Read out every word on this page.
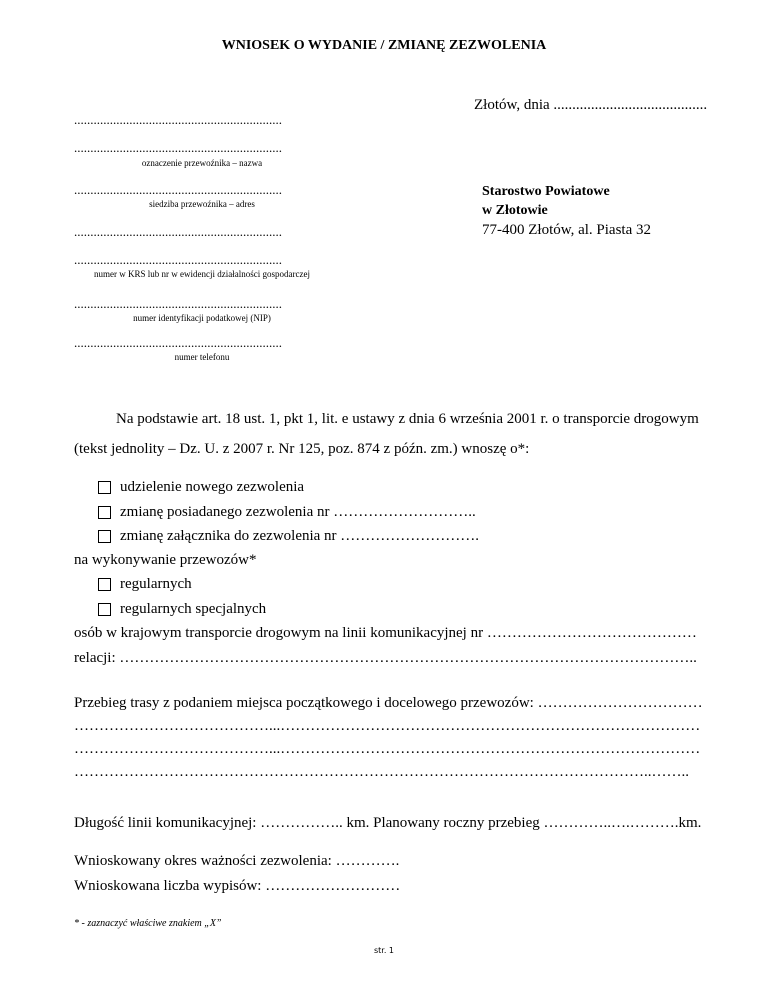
WNIOSEK O WYDANIE / ZMIANĘ ZEZWOLENIA
Złotów, dnia .........................................
................................................................
................................................................
oznaczenie przewoźnika – nazwa
................................................................
siedziba przewoźnika – adres
................................................................
................................................................
numer w KRS lub nr w ewidencji działalności gospodarczej
................................................................
numer identyfikacji podatkowej (NIP)
................................................................
numer telefonu
Starostwo Powiatowe
w Złotowie
77-400 Złotów, al. Piasta 32
Na podstawie art. 18 ust. 1, pkt 1, lit. e ustawy z dnia 6 września 2001 r. o transporcie drogowym
(tekst jednolity – Dz. U. z 2007 r. Nr 125, poz. 874 z późn. zm.) wnoszę o*:
udzielenie nowego zezwolenia
zmianę posiadanego zezwolenia nr ………………………..
zmianę załącznika do zezwolenia nr ……………………….
na wykonywanie przewozów*
regularnych
regularnych specjalnych
osób w krajowym transporcie drogowym na linii komunikacyjnej nr ……………………………………
relacji: ……………………………………………………………………………………………………..
Przebieg trasy z podaniem miejsca początkowego i docelowego przewozów: ……………………………
…………………………………...…………………………………………………………………………
…………………………………...…………………………………………………………………………
……………………………………………………………………………………………………..……..
Długość linii komunikacyjnej: …………….. km. Planowany roczny przebieg …………..….……….km.
Wnioskowany okres ważności zezwolenia: ………….
Wnioskowana liczba wypisów: ………………………
* - zaznaczyć właściwe znakiem „X”
str. 1
